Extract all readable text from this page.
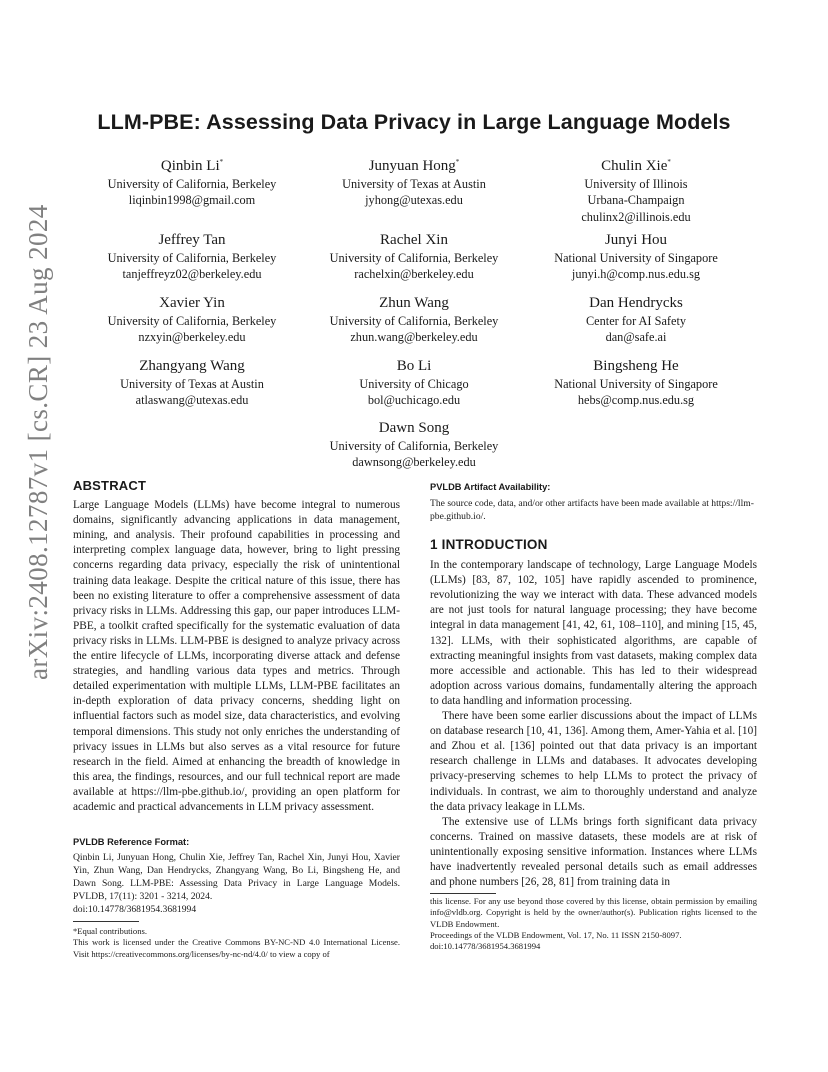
arXiv:2408.12787v1 [cs.CR] 23 Aug 2024
LLM-PBE: Assessing Data Privacy in Large Language Models
Qinbin Li*
University of California, Berkeley
liqinbin1998@gmail.com
Junyuan Hong*
University of Texas at Austin
jyhong@utexas.edu
Chulin Xie*
University of Illinois
Urbana-Champaign
chulinx2@illinois.edu
Jeffrey Tan
University of California, Berkeley
tanjeffreyz02@berkeley.edu
Rachel Xin
University of California, Berkeley
rachelxin@berkeley.edu
Junyi Hou
National University of Singapore
junyi.h@comp.nus.edu.sg
Xavier Yin
University of California, Berkeley
nzxyin@berkeley.edu
Zhun Wang
University of California, Berkeley
zhun.wang@berkeley.edu
Dan Hendrycks
Center for AI Safety
dan@safe.ai
Zhangyang Wang
University of Texas at Austin
atlaswang@utexas.edu
Bo Li
University of Chicago
bol@uchicago.edu
Bingsheng He
National University of Singapore
hebs@comp.nus.edu.sg
Dawn Song
University of California, Berkeley
dawnsong@berkeley.edu
ABSTRACT

Large Language Models (LLMs) have become integral to numerous domains, significantly advancing applications in data management, mining, and analysis. Their profound capabilities in processing and interpreting complex language data, however, bring to light pressing concerns regarding data privacy, especially the risk of unintentional training data leakage. Despite the critical nature of this issue, there has been no existing literature to offer a comprehensive assessment of data privacy risks in LLMs. Addressing this gap, our paper introduces LLM-PBE, a toolkit crafted specifically for the systematic evaluation of data privacy risks in LLMs. LLM-PBE is designed to analyze privacy across the entire lifecycle of LLMs, incorporating diverse attack and defense strategies, and handling various data types and metrics. Through detailed experimentation with multiple LLMs, LLM-PBE facilitates an in-depth exploration of data privacy concerns, shedding light on influential factors such as model size, data characteristics, and evolving temporal dimensions. This study not only enriches the understanding of privacy issues in LLMs but also serves as a vital resource for future research in the field. Aimed at enhancing the breadth of knowledge in this area, the findings, resources, and our full technical report are made available at https://llm-pbe.github.io/, providing an open platform for academic and practical advancements in LLM privacy assessment.

PVLDB Reference Format:

Qinbin Li, Junyuan Hong, Chulin Xie, Jeffrey Tan, Rachel Xin, Junyi Hou, Xavier Yin, Zhun Wang, Dan Hendrycks, Zhangyang Wang, Bo Li, Bingsheng He, and Dawn Song. LLM-PBE: Assessing Data Privacy in Large Language Models. PVLDB, 17(11): 3201 - 3214, 2024.

doi:10.14778/3681954.3681994

*Equal contributions.

This work is licensed under the Creative Commons BY-NC-ND 4.0 International License. Visit https://creativecommons.org/licenses/by-nc-nd/4.0/ to view a copy of

PVLDB Artifact Availability:

The source code, data, and/or other artifacts have been made available at https://llm-pbe.github.io/.

1 INTRODUCTION

In the contemporary landscape of technology, Large Language Models (LLMs) [83, 87, 102, 105] have rapidly ascended to prominence, revolutionizing the way we interact with data. These advanced models are not just tools for natural language processing; they have become integral in data management [41, 42, 61, 108–110], and mining [15, 45, 132]. LLMs, with their sophisticated algorithms, are capable of extracting meaningful insights from vast datasets, making complex data more accessible and actionable. This has led to their widespread adoption across various domains, fundamentally altering the approach to data handling and information processing.

There have been some earlier discussions about the impact of LLMs on database research [10, 41, 136]. Among them, Amer-Yahia et al. [10] and Zhou et al. [136] pointed out that data privacy is an important research challenge in LLMs and databases. It advocates developing privacy-preserving schemes to help LLMs to protect the privacy of individuals. In contrast, we aim to thoroughly understand and analyze the data privacy leakage in LLMs.

The extensive use of LLMs brings forth significant data privacy concerns. Trained on massive datasets, these models are at risk of unintentionally exposing sensitive information. Instances where LLMs have inadvertently revealed personal details such as email addresses and phone numbers [26, 28, 81] from training data in

this license. For any use beyond those covered by this license, obtain permission by emailing info@vldb.org. Copyright is held by the owner/author(s). Publication rights licensed to the VLDB Endowment.

Proceedings of the VLDB Endowment, Vol. 17, No. 11 ISSN 2150-8097.

doi:10.14778/3681954.3681994
